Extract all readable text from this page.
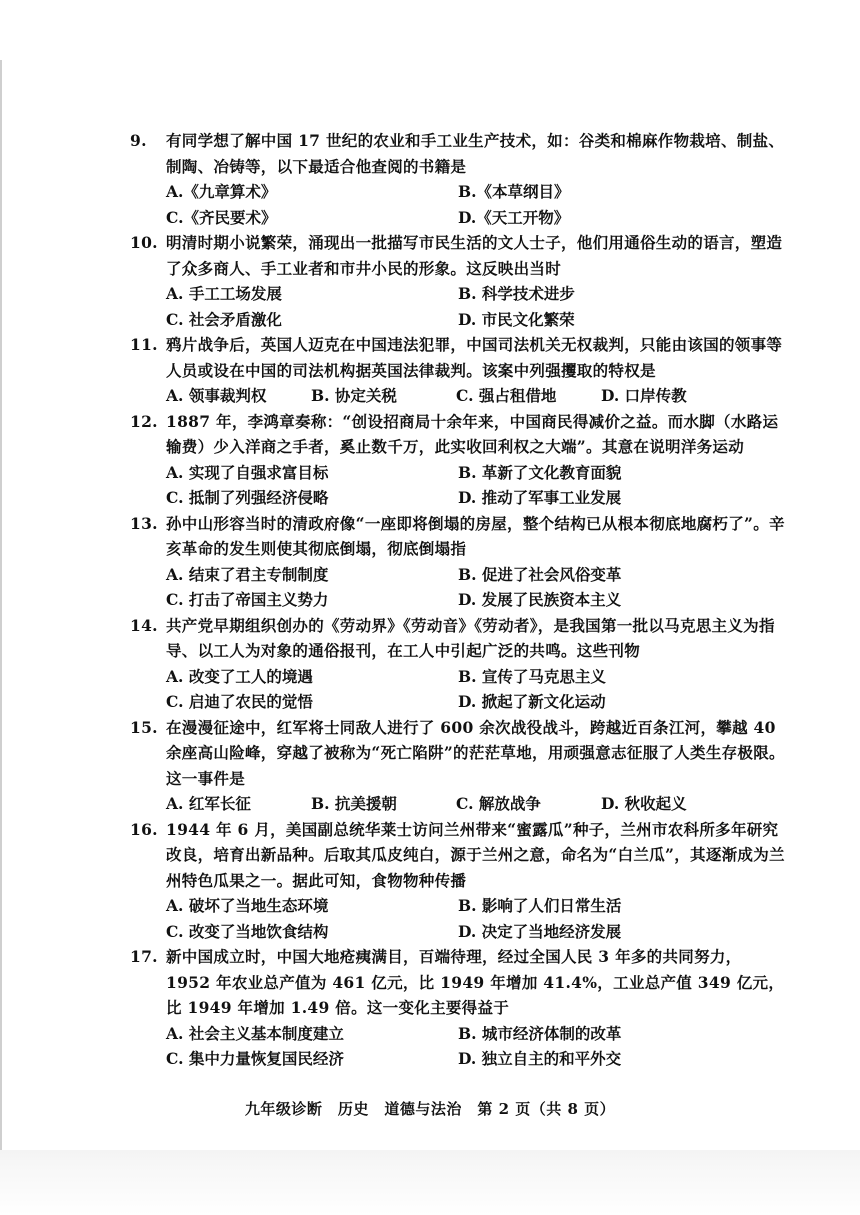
9. 有同学想了解中国 17 世纪的农业和手工业生产技术，如：谷类和棉麻作物栽培、制盐、制陶、冶铸等，以下最适合他查阅的书籍是
A.《九章算术》	B.《本草纲目》
C.《齐民要术》	D.《天工开物》
10. 明清时期小说繁荣，涌现出一批描写市民生活的文人士子，他们用通俗生动的语言，塑造了众多商人、手工业者和市井小民的形象。这反映出当时
A. 手工工场发展	B. 科学技术进步
C. 社会矛盾激化	D. 市民文化繁荣
11. 鸦片战争后，英国人迈克在中国违法犯罪，中国司法机关无权裁判，只能由该国的领事等人员或设在中国的司法机构据英国法律裁判。该案中列强攫取的特权是
A. 领事裁判权	B. 协定关税	C. 强占租借地	D. 口岸传教
12. 1887 年，李鸿章奏称：“创设招商局十余年来，中国商民得减价之益。而水脚（水路运输费）少入洋商之手者，奚止数千万，此实收回利权之大端”。其意在说明洋务运动
A. 实现了自强求富目标	B. 革新了文化教育面貌
C. 抵制了列强经济侵略	D. 推动了军事工业发展
13. 孙中山形容当时的清政府像“一座即将倒塌的房屋，整个结构已从根本彻底地腐朽了”。辛亥革命的发生则使其彻底倒塌，彻底倒塌指
A. 结束了君主专制制度	B. 促进了社会风俗变革
C. 打击了帝国主义势力	D. 发展了民族资本主义
14. 共产党早期组织创办的《劳动界》《劳动音》《劳动者》，是我国第一批以马克思主义为指导、以工人为对象的通俗报刊，在工人中引起广泛的共鸣。这些刊物
A. 改变了工人的境遇	B. 宣传了马克思主义
C. 启迪了农民的觉悟	D. 掀起了新文化运动
15. 在漫漫征途中，红军将士同敌人进行了 600 余次战役战斗，跨越近百条江河，攀越 40 余座高山险峰，穿越了被称为“死亡陷阱”的茫茫草地，用顽强意志征服了人类生存极限。这一事件是
A. 红军长征	B. 抗美援朝	C. 解放战争	D. 秋收起义
16. 1944 年 6 月，美国副总统华莱士访问兰州带来“蜜露瓜”种子，兰州市农科所多年研究改良，培育出新品种。后取其瓜皮纯白，源于兰州之意，命名为“白兰瓜”，其逐渐成为兰州特色瓜果之一。据此可知，食物物种传播
A. 破坏了当地生态环境	B. 影响了人们日常生活
C. 改变了当地饮食结构	D. 决定了当地经济发展
17. 新中国成立时，中国大地疮痍满目，百端待理，经过全国人民 3 年多的共同努力，1952 年农业总产值为 461 亿元，比 1949 年增加 41.4%，工业总产值 349 亿元，比 1949 年增加 1.49 倍。这一变化主要得益于
A. 社会主义基本制度建立	B. 城市经济体制的改革
C. 集中力量恢复国民经济	D. 独立自主的和平外交
九年级诊断　历史　道德与法治　第 2 页（共 8 页）
